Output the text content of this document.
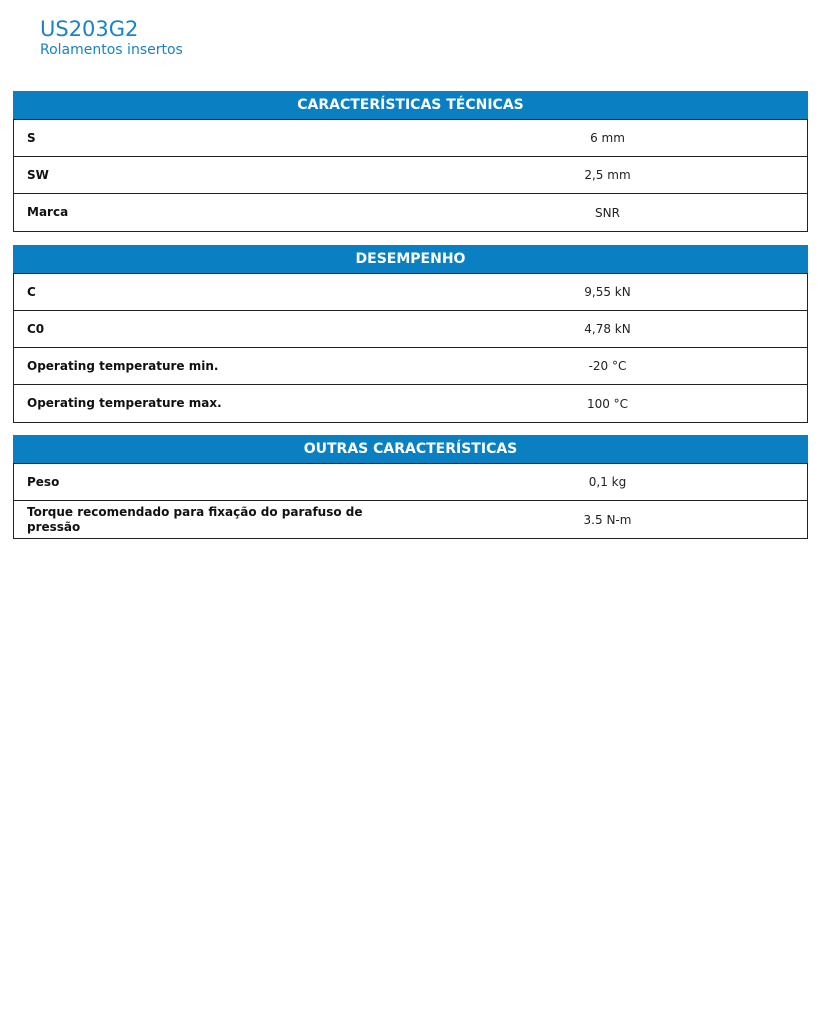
US203G2
Rolamentos insertos
CARACTERÍSTICAS TÉCNICAS
S	6 mm
SW	2,5 mm
Marca	SNR
DESEMPENHO
C	9,55 kN
C0	4,78 kN
Operating temperature min.	-20 °C
Operating temperature max.	100 °C
OUTRAS CARACTERÍSTICAS
Peso	0,1 kg
Torque recomendado para fixação do parafuso de pressão	3.5 N-m
